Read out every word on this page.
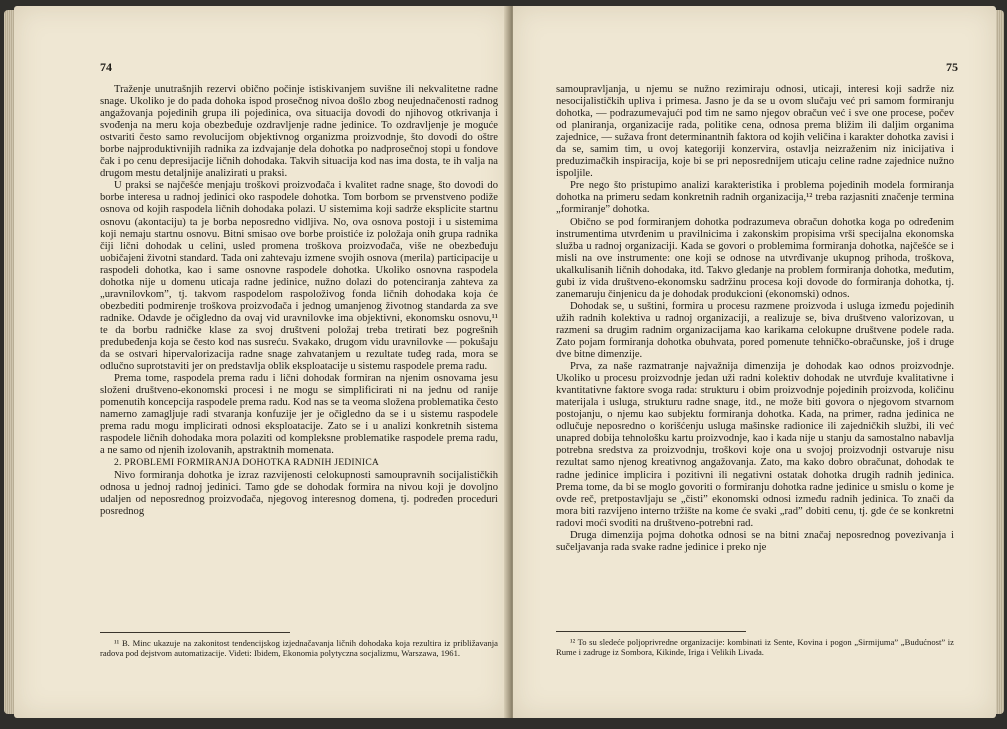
74

Traženje unutrašnjih rezervi obično počinje istiskivanjem suvišne ili nekvalitetne radne snage. Ukoliko je do pada dohoka ispod prosečnog nivoa došlo zbog neujednačenosti radnog angažovanja pojedinih grupa ili pojedinica, ova situacija dovodi do njihovog otkrivanja i svođenja na meru koja obezbeđuje ozdravljenje radne jedinice. To ozdravljenje je moguće ostvariti često samo revolucijom objektivnog organizma proizvodnje, što dovodi do oštre borbe najproduktivnijih radnika za izdvajanje dela dohotka po nadprosečnoj stopi u fondove čak i po cenu depresijacije ličnih dohodaka. Takvih situacija kod nas ima dosta, te ih valja na drugom mestu detaljnije analizirati u praksi.

U praksi se najčešće menjaju troškovi proizvođača i kvalitet radne snage, što dovodi do borbe interesa u radnoj jedinici oko raspodele dohotka. Tom borbom se prvenstveno podiže osnova od kojih raspodela ličnih dohodaka polazi. U sistemima koji sadrže eksplicite startnu osnovu (akontaciju) ta je borba neposredno vidljiva. No, ova osnova postoji i u sistemima koji nemaju startnu osnovu. Bitni smisao ove borbe proistiće iz položaja onih grupa radnika čiji lični dohodak u celini, usled promena troškova proizvođača, više ne obezbeđuju uobičajeni životni standard. Tada oni zahtevaju izmene svojih osnova (merila) participacije u raspodeli dohotka, kao i same osnovne raspodele dohotka. Ukoliko osnovna raspodela dohotka nije u domenu uticaja radne jedinice, nužno dolazi do potenciranja zahteva za „uravnilovkom”, tj. takvom raspodelom raspoloživog fonda ličnih dohodaka koja će obezbediti podmirenje troškova proizvođača i jednog umanjenog životnog standarda za sve radnike. Odavde je očigledno da ovaj vid uravnilovke ima objektivni, ekonomsku osnovu,¹¹ te da borbu radničke klase za svoj društveni položaj treba tretirati bez pogrešnih predubeđenja koja se često kod nas susreću. Svakako, drugom vidu uravnilovke — pokušaju da se ostvari hipervalorizacija radne snage zahvatanjem u rezultate tuđeg rada, mora se odlučno suprotstaviti jer on predstavlja oblik eksploatacije u sistemu raspodele prema radu.

Prema tome, raspodela prema radu i lični dohodak formiran na njenim osnovama jesu složeni društveno-ekonomski procesi i ne mogu se simplificirati ni na jednu od ranije pomenutih koncepcija raspodele prema radu. Kod nas se ta veoma složena problematika često namerno zamagljuje radi stvaranja konfuzije jer je očigledno da se i u sistemu raspodele prema radu mogu implicirati odnosi eksploatacije. Zato se i u analizi konkretnih sistema raspodele ličnih dohodaka mora polaziti od kompleksne problematike raspodele prema radu, a ne samo od njenih izolovanih, apstraktnih momenata.

2. PROBLEMI FORMIRANJA DOHOTKA RADNIH JEDINICA

Nivo formiranja dohotka je izraz razvijenosti celokupnosti samoupravnih socijalističkih odnosa u jednoj radnoj jedinici. Tamo gde se dohodak formira na nivou koji je dovoljno udaljen od neposrednog proizvođača, njegovog interesnog domena, tj. podređen proceduri posrednog

¹¹ B. Minc ukazuje na zakonitost tendencijskog izjednačavanja ličnih dohodaka koja rezultira iz približavanja radova pod dejstvom automatizacije. Videti: Ibidem, Ekonomia polytyczna socjalizmu, Warszawa, 1961.

75

samoupravljanja, u njemu se nužno rezimiraju odnosi, uticaji, interesi koji sadrže niz nesocijalističkih upliva i primesa. Jasno je da se u ovom slučaju već pri samom formiranju dohotka, — podrazumevajući pod tim ne samo njegov obračun već i sve one procese, počev od planiranja, organizacije rada, politike cena, odnosa prema bližim ili daljim organima zajednice, — sužava front determinantnih faktora od kojih veličina i karakter dohotka zavisi i da se, samim tim, u ovoj kategoriji konzervira, ostavlja neizraženim niz inicijativa i preduzimačkih inspiracija, koje bi se pri neposrednijem uticaju celine radne zajednice nužno ispoljile.

Pre nego što pristupimo analizi karakteristika i problema pojedinih modela formiranja dohotka na primeru sedam konkretnih radnih organizacija,¹² treba razjasniti značenje termina „formiranje” dohotka.

Obično se pod formiranjem dohotka podrazumeva obračun dohotka koga po određenim instrumentima utvrđenim u pravilnicima i zakonskim propisima vrši specijalna ekonomska služba u radnoj organizaciji. Kada se govori o problemima formiranja dohotka, najčešće se i misli na ove instrumente: one koji se odnose na utvrđivanje ukupnog prihoda, troškova, ukalkulisanih ličnih dohodaka, itd. Takvo gledanje na problem formiranja dohotka, međutim, gubi iz vida društveno-ekonomsku sadržinu procesa koji dovode do formiranja dohotka, tj. zanemaruju činjenicu da je dohodak produkcioni (ekonomski) odnos.

Dohodak se, u suštini, formira u procesu razmene proizvoda i usluga između pojedinih užih radnih kolektiva u radnoj organizaciji, a realizuje se, bivа društveno valorizovan, u razmeni sa drugim radnim organizacijama kao karikama celokupne društvene podele rada. Zato pojam formiranja dohotka obuhvata, pored pomenute tehničko-obračunske, još i druge dve bitne dimenzije.

Prva, za naše razmatranje najvažnija dimenzija je dohodak kao odnos proizvodnje. Ukoliko u procesu proizvodnje jedan uži radni kolektiv dohodak ne utvrđuje kvalitativne i kvantitativne faktore svoga rada: strukturu i obim proizvodnje pojedinih proizvoda, količinu materijala i usluga, strukturu radne snage, itd., ne može biti govora o njegovom stvarnom postojanju, o njemu kao subjektu formiranja dohotka. Kada, na primer, radna jedinica ne odlučuje neposredno o korišćenju uslugа mašinske radionice ili zajedničkih službi, ili već unapred dobija tehnološku kartu proizvodnje, kao i kada nije u stanju da samostalno nabavlja potrebna sredstva za proizvodnju, troškovi koje ona u svojoj proizvodnji ostvaruje nisu rezultat samo njenog kreativnog angažovanja. Zato, ma kako dobro obračunat, dohodak te radne jedinice implicira i pozitivni ili negativni ostatak dohotka drugih radnih jedinica. Prema tome, da bi se moglo govoriti o formiranju dohotka radne jedinice u smislu o kome je ovde reč, pretpostavljaju se „čisti” ekonomski odnosi između radnih jedinica. To znači da mora biti razvijeno interno tržište na kome će svaki „rad” dobiti cenu, tj. gde će se konkretni radovi moći svoditi na društveno-potrebni rad.

Druga dimenzija pojma dohotka odnosi se na bitni značaj neposrednog povezivanja i sučeljavanja rada svake radne jedinice i preko nje

¹² To su sledeće poljoprivredne organizacije: kombinati iz Sente, Kovina i pogon „Sirmijuma” „Budućnost” iz Rume i zadruge iz Sombora, Kikinde, Iriga i Velikih Livada.
